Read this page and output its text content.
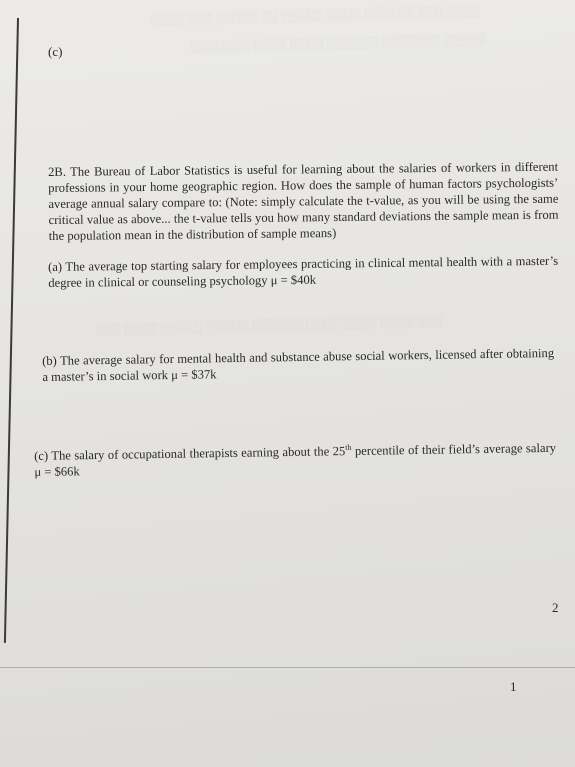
░░░░ ░░░ ░░░░░ ░░ ░░░░░ ░░░░ ░░░░░░ ░░░ ░░░░
░░░░░░░ ░░░░ ░░░░ ░░░░░░ ░░░░░░░ ░░░░░
░░░ ░░░░ ░░░░░ ░░░░░ ░░░░░░ ░░░░ ░░░░ ░░░░ ░░░
(c)

2B. The Bureau of Labor Statistics is useful for learning about the salaries of workers in different professions in your home geographic region. How does the sample of human factors psychologists’ average annual salary compare to: (Note: simply calculate the t-value, as you will be using the same critical value as above... the t-value tells you how many standard deviations the sample mean is from the population mean in the distribution of sample means)

(a) The average top starting salary for employees practicing in clinical mental health with a master’s degree in clinical or counseling psychology μ = $40k

(b) The average salary for mental health and substance abuse social workers, licensed after obtaining a master’s in social work μ = $37k

(c) The salary of occupational therapists earning about the 25th percentile of their field’s average salary μ = $66k

2
1
